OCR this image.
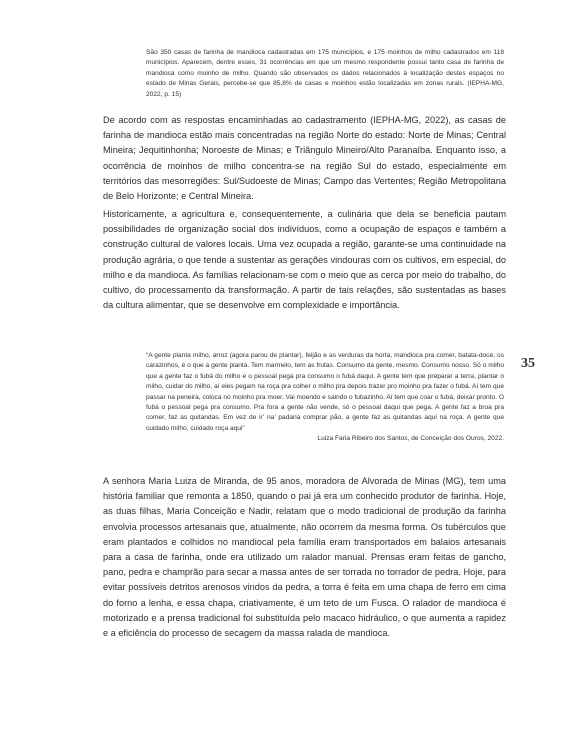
São 350 casas de farinha de mandioca cadastradas em 175 municípios, e 175 moinhos de milho cadastrados em 118 municípios. Aparecem, dentre esses, 31 ocorrências em que um mesmo respondente possui tanto casa de farinha de mandioca como moinho de milho. Quando são observados os dados relacionados à localização destes espaços no estado de Minas Gerais, percebe-se que 85,8% de casas e moinhos estão localizadas em zonas rurais. (IEPHA-MG, 2022, p. 15)
De acordo com as respostas encaminhadas ao cadastramento (IEPHA-MG, 2022), as casas de farinha de mandioca estão mais concentradas na região Norte do estado: Norte de Minas; Central Mineira; Jequitinhonha; Noroeste de Minas; e Triângulo Mineiro/Alto Paranaíba. Enquanto isso, a ocorrência de moinhos de milho concentra-se na região Sul do estado, especialmente em territórios das mesorregiões: Sul/Sudoeste de Minas; Campo das Vertentes; Região Metropolitana de Belo Horizonte; e Central Mineira.
Historicamente, a agricultura e, consequentemente, a culinária que dela se beneficia pautam possibilidades de organização social dos indivíduos, como a ocupação de espaços e também a construção cultural de valores locais. Uma vez ocupada a região, garante-se uma continuidade na produção agrária, o que tende a sustentar as gerações vindouras com os cultivos, em especial, do milho e da mandioca. As famílias relacionam-se com o meio que as cerca por meio do trabalho, do cultivo, do processamento da transformação. A partir de tais relações, são sustentadas as bases da cultura alimentar, que se desenvolve em complexidade e importância.
“A gente planta milho, arroz (agora parou de plantar), feijão e as verduras da horta, mandioca pra comer, batata-doce, os carazinhos, é o que a gente planta. Tem marmelo, tem as frutas. Consumo da gente, mesmo. Consumo nosso. Só o milho que a gente faz o fubá do milho e o pessoal pega pra consumo o fubá daqui. A gente tem que preparar a terra, plantar o milho, cuidar do milho, aí eles pegam na roça pra colher o milho pra depois trazer pro moinho pra fazer o fubá. Aí tem que passar na peneira, coloca no moinho pra moer. Vai moendo e saindo o fubazinho. Aí tem que coar o fubá, deixar pronto. O fubá o pessoal pega pra consumo. Pra fora a gente não vende, só o pessoal daqui que pega. A gente faz a broa pra comer, faz as quitandas. Em vez de ir’ na’ padaria comprar pão, a gente faz as quitandas aqui na roça. A gente que cuidado milho, cuidado roça aqui”
Luiza Faria Ribeiro dos Santos, de Conceição dos Ouros, 2022.
35
A senhora Maria Luiza de Miranda, de 95 anos, moradora de Alvorada de Minas (MG), tem uma história familiar que remonta a 1850, quando o pai já era um conhecido produtor de farinha. Hoje, as duas filhas, Maria Conceição e Nadir, relatam que o modo tradicional de produção da farinha envolvia processos artesanais que, atualmente, não ocorrem da mesma forma. Os tubérculos que eram plantados e colhidos no mandiocal pela família eram transportados em balaios artesanais para a casa de farinha, onde era utilizado um ralador manual. Prensas eram feitas de gancho, pano, pedra e champrão para secar a massa antes de ser torrada no torrador de pedra. Hoje, para evitar possíveis detritos arenosos vindos da pedra, a torra é feita em uma chapa de ferro em cima do forno a lenha, e essa chapa, criativamente, é um teto de um Fusca. O ralador de mandioca é motorizado e a prensa tradicional foi substituída pelo macaco hidráulico, o que aumenta a rapidez e a eficiência do processo de secagem da massa ralada de mandioca.
